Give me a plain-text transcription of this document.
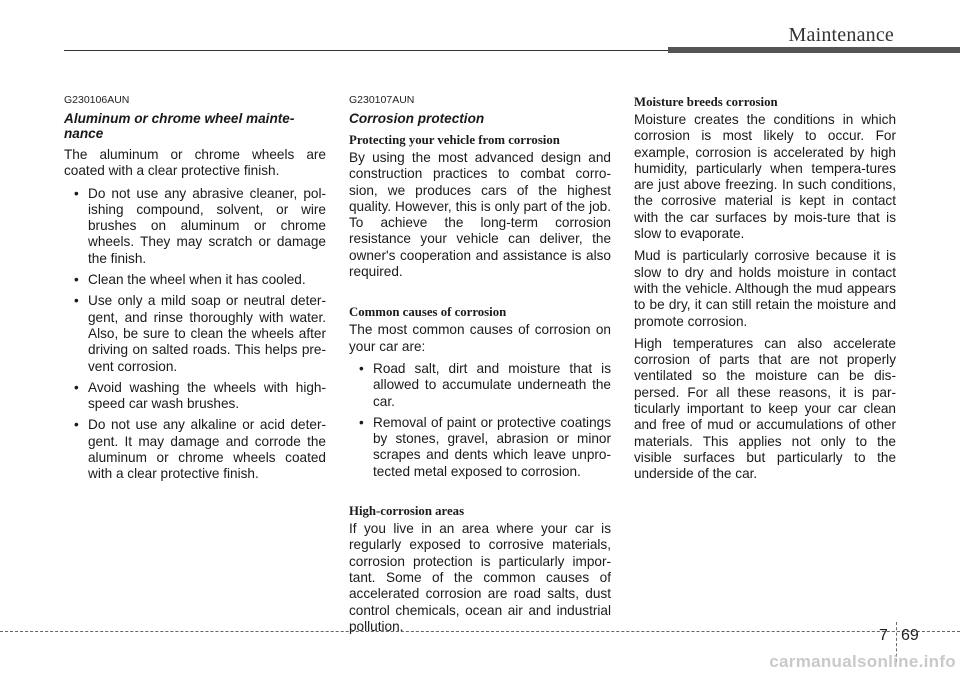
Maintenance

G230106AUN

Aluminum or chrome wheel mainte-nance

The aluminum or chrome wheels are coated with a clear protective finish.

• Do not use any abrasive cleaner, pol-ishing compound, solvent, or wire brushes on aluminum or chrome wheels. They may scratch or damage the finish.
• Clean the wheel when it has cooled.
• Use only a mild soap or neutral deter-gent, and rinse thoroughly with water. Also, be sure to clean the wheels after driving on salted roads. This helps pre-vent corrosion.
• Avoid washing the wheels with high-speed car wash brushes.
• Do not use any alkaline or acid deter-gent. It may damage and corrode the aluminum or chrome wheels coated with a clear protective finish.

G230107AUN

Corrosion protection

Protecting your vehicle from corrosion

By using the most advanced design and construction practices to combat corro-sion, we produces cars of the highest quality. However, this is only part of the job. To achieve the long-term corrosion resistance your vehicle can deliver, the owner's cooperation and assistance is also required.

Common causes of corrosion

The most common causes of corrosion on your car are:

• Road salt, dirt and moisture that is allowed to accumulate underneath the car.
• Removal of paint or protective coatings by stones, gravel, abrasion or minor scrapes and dents which leave unpro-tected metal exposed to corrosion.

High-corrosion areas

If you live in an area where your car is regularly exposed to corrosive materials, corrosion protection is particularly impor-tant. Some of the common causes of accelerated corrosion are road salts, dust control chemicals, ocean air and industrial pollution.

Moisture breeds corrosion

Moisture creates the conditions in which corrosion is most likely to occur. For example, corrosion is accelerated by high humidity, particularly when tempera-tures are just above freezing. In such conditions, the corrosive material is kept in contact with the car surfaces by mois-ture that is slow to evaporate.

Mud is particularly corrosive because it is slow to dry and holds moisture in contact with the vehicle. Although the mud appears to be dry, it can still retain the moisture and promote corrosion.

High temperatures can also accelerate corrosion of parts that are not properly ventilated so the moisture can be dis-persed. For all these reasons, it is par-ticularly important to keep your car clean and free of mud or accumulations of other materials. This applies not only to the visible surfaces but particularly to the underside of the car.

7 69
carmanualsonline.info
